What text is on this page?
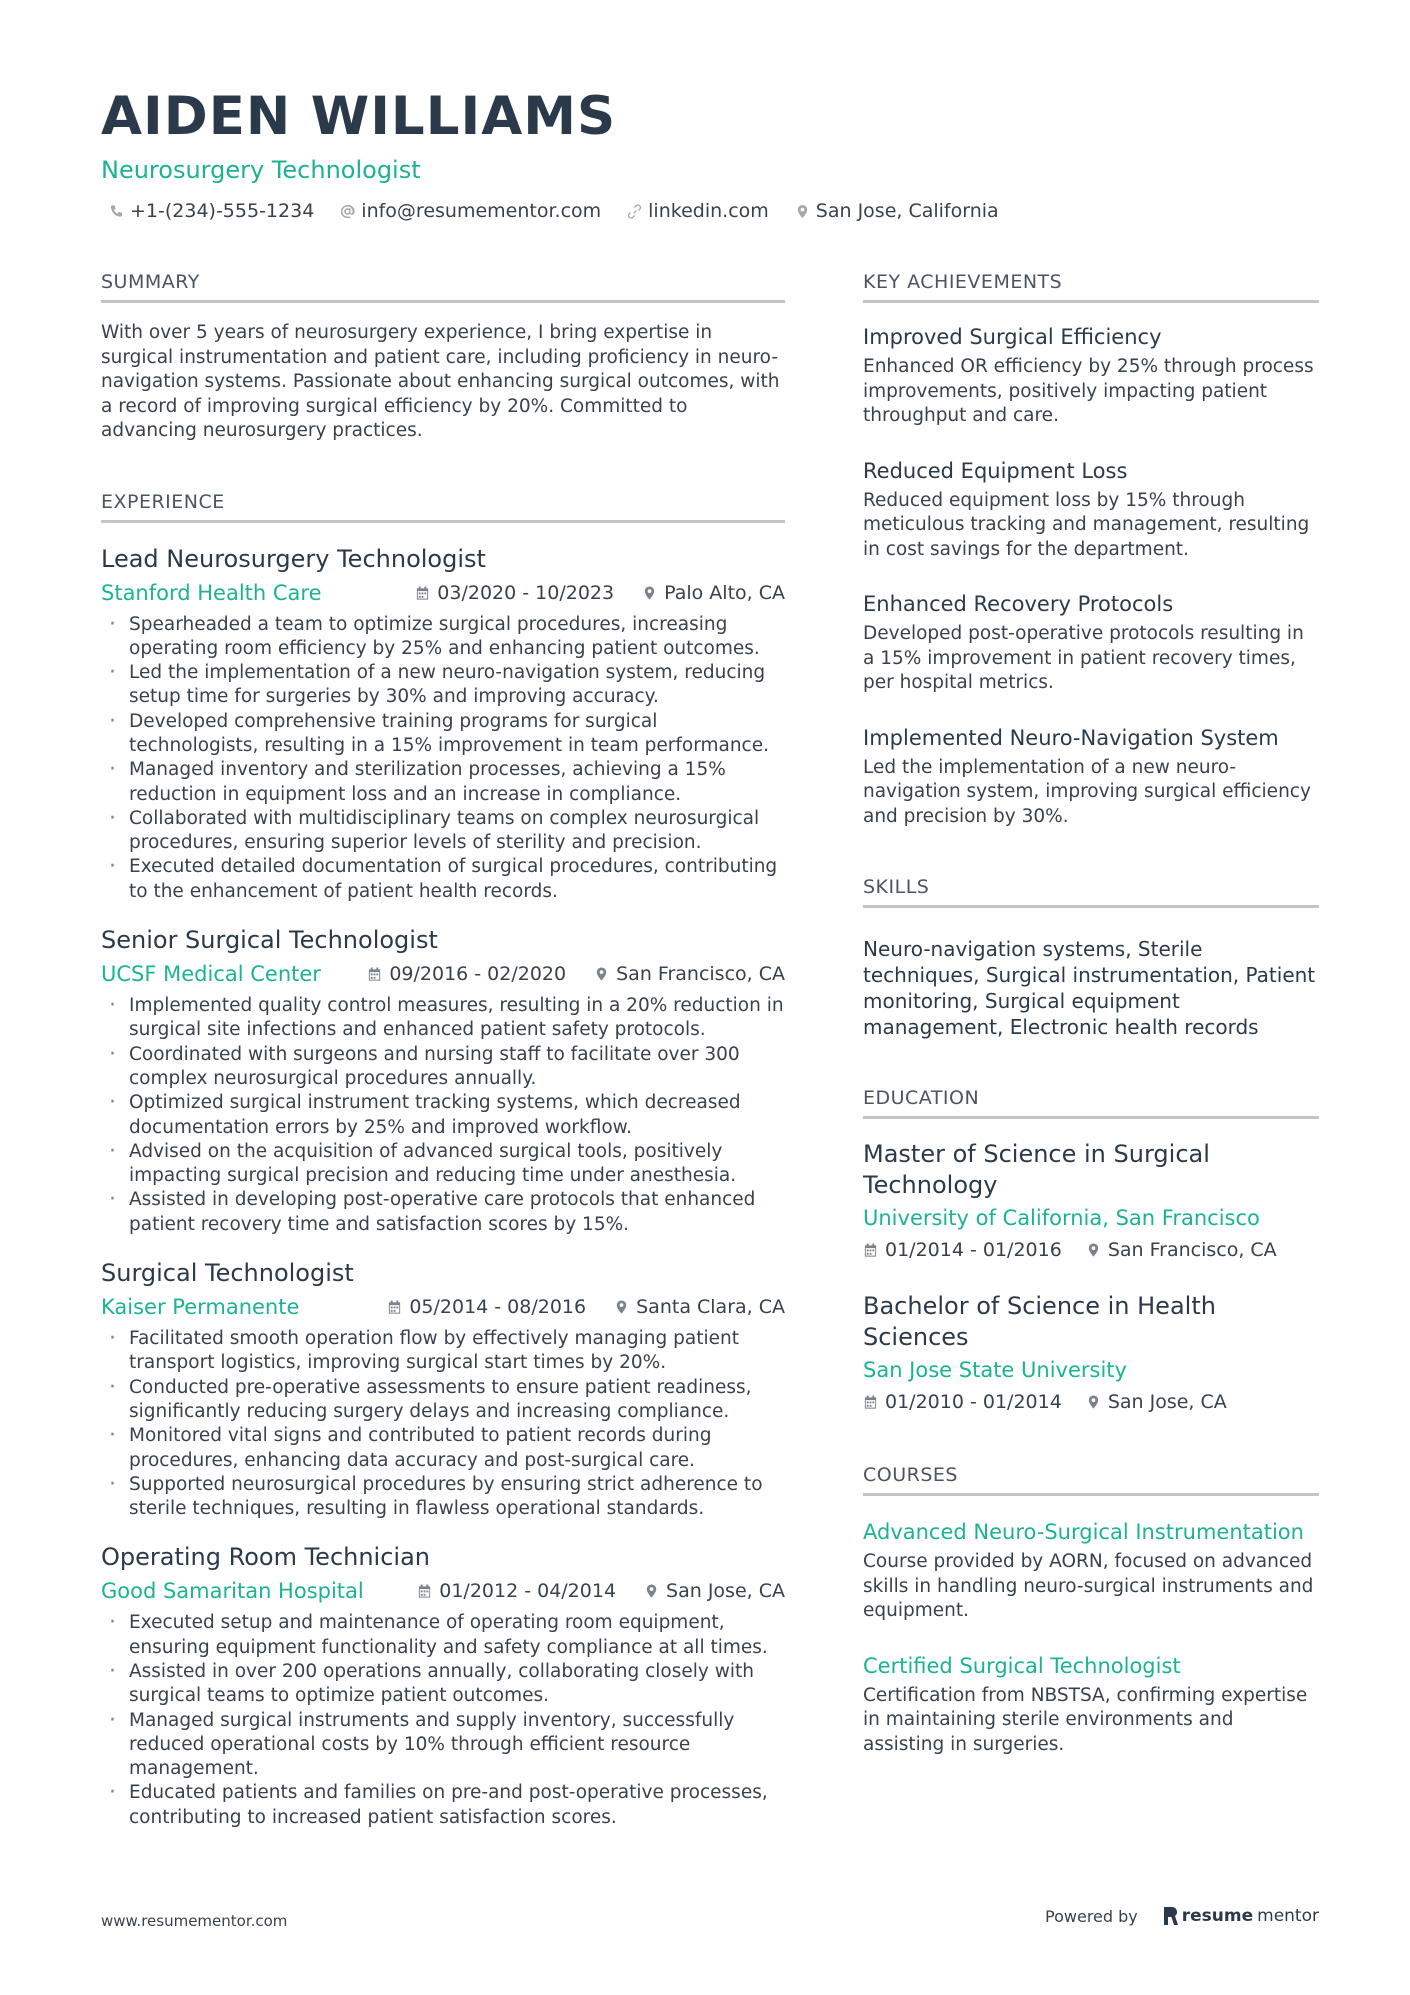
AIDEN WILLIAMS
Neurosurgery Technologist
+1-(234)-555-1234 info@resumementor.com linkedin.com San Jose, California
SUMMARY
With over 5 years of neurosurgery experience, I bring expertise in surgical instrumentation and patient care, including proficiency in neuro-navigation systems. Passionate about enhancing surgical outcomes, with a record of improving surgical efficiency by 20%. Committed to advancing neurosurgery practices.
EXPERIENCE
Lead Neurosurgery Technologist
Stanford Health Care	03/2020 - 10/2023	Palo Alto, CA
· Spearheaded a team to optimize surgical procedures, increasing operating room efficiency by 25% and enhancing patient outcomes.
· Led the implementation of a new neuro-navigation system, reducing setup time for surgeries by 30% and improving accuracy.
· Developed comprehensive training programs for surgical technologists, resulting in a 15% improvement in team performance.
· Managed inventory and sterilization processes, achieving a 15% reduction in equipment loss and an increase in compliance.
· Collaborated with multidisciplinary teams on complex neurosurgical procedures, ensuring superior levels of sterility and precision.
· Executed detailed documentation of surgical procedures, contributing to the enhancement of patient health records.
Senior Surgical Technologist
UCSF Medical Center	09/2016 - 02/2020	San Francisco, CA
· Implemented quality control measures, resulting in a 20% reduction in surgical site infections and enhanced patient safety protocols.
· Coordinated with surgeons and nursing staff to facilitate over 300 complex neurosurgical procedures annually.
· Optimized surgical instrument tracking systems, which decreased documentation errors by 25% and improved workflow.
· Advised on the acquisition of advanced surgical tools, positively impacting surgical precision and reducing time under anesthesia.
· Assisted in developing post-operative care protocols that enhanced patient recovery time and satisfaction scores by 15%.
Surgical Technologist
Kaiser Permanente	05/2014 - 08/2016	Santa Clara, CA
· Facilitated smooth operation flow by effectively managing patient transport logistics, improving surgical start times by 20%.
· Conducted pre-operative assessments to ensure patient readiness, significantly reducing surgery delays and increasing compliance.
· Monitored vital signs and contributed to patient records during procedures, enhancing data accuracy and post-surgical care.
· Supported neurosurgical procedures by ensuring strict adherence to sterile techniques, resulting in flawless operational standards.
Operating Room Technician
Good Samaritan Hospital	01/2012 - 04/2014	San Jose, CA
· Executed setup and maintenance of operating room equipment, ensuring equipment functionality and safety compliance at all times.
· Assisted in over 200 operations annually, collaborating closely with surgical teams to optimize patient outcomes.
· Managed surgical instruments and supply inventory, successfully reduced operational costs by 10% through efficient resource management.
· Educated patients and families on pre-and post-operative processes, contributing to increased patient satisfaction scores.
KEY ACHIEVEMENTS
Improved Surgical Efficiency
Enhanced OR efficiency by 25% through process improvements, positively impacting patient throughput and care.
Reduced Equipment Loss
Reduced equipment loss by 15% through meticulous tracking and management, resulting in cost savings for the department.
Enhanced Recovery Protocols
Developed post-operative protocols resulting in a 15% improvement in patient recovery times, per hospital metrics.
Implemented Neuro-Navigation System
Led the implementation of a new neuro-navigation system, improving surgical efficiency and precision by 30%.
SKILLS
Neuro-navigation systems, Sterile techniques, Surgical instrumentation, Patient monitoring, Surgical equipment management, Electronic health records
EDUCATION
Master of Science in Surgical Technology
University of California, San Francisco
01/2014 - 01/2016 San Francisco, CA
Bachelor of Science in Health Sciences
San Jose State University
01/2010 - 01/2014 San Jose, CA
COURSES
Advanced Neuro-Surgical Instrumentation
Course provided by AORN, focused on advanced skills in handling neuro-surgical instruments and equipment.
Certified Surgical Technologist
Certification from NBSTSA, confirming expertise in maintaining sterile environments and assisting in surgeries.
www.resumementor.com	Powered by	resume mentor
